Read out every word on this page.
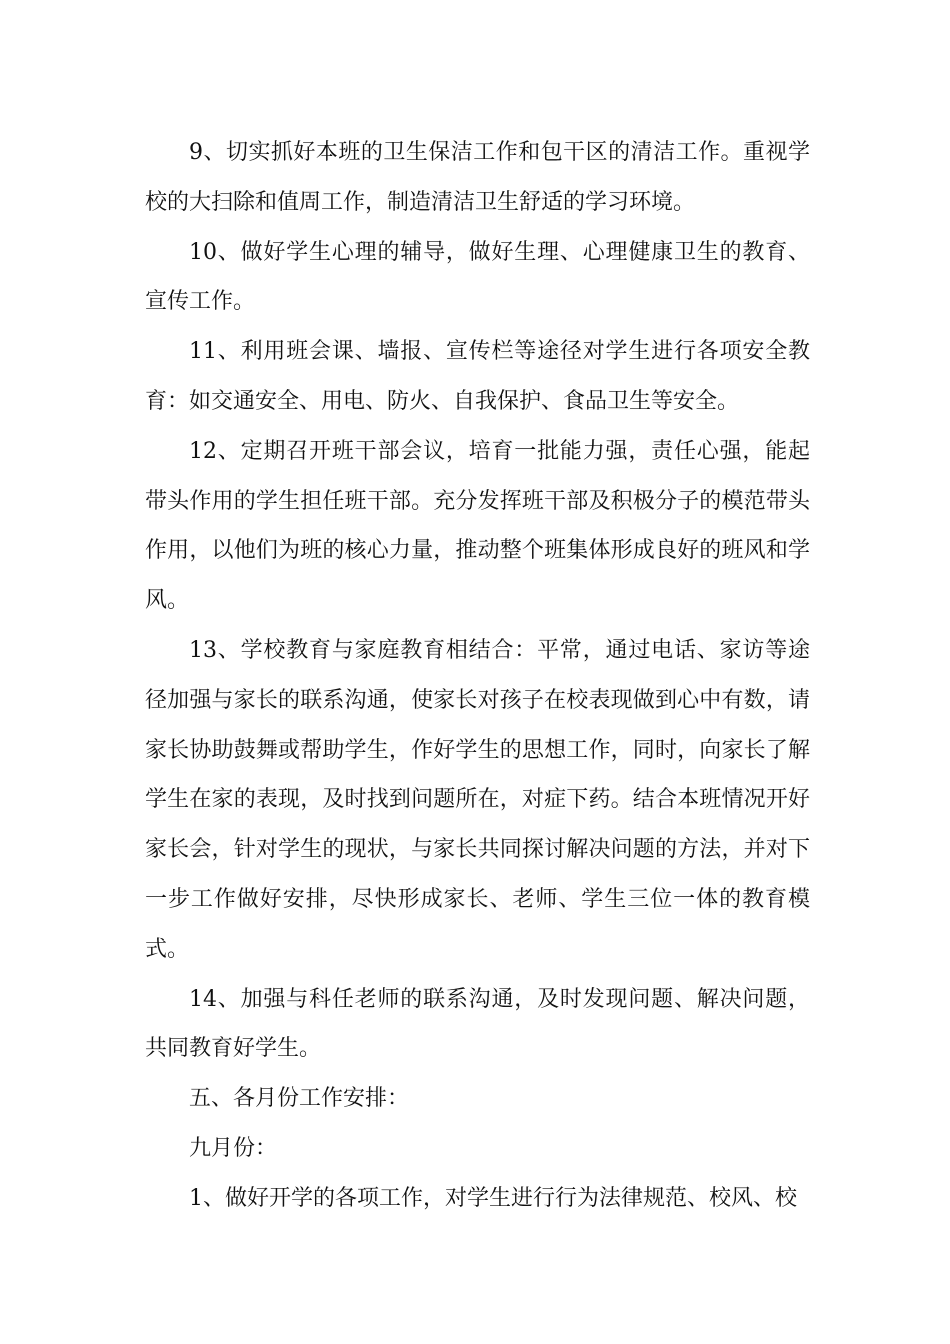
9、切实抓好本班的卫生保洁工作和包干区的清洁工作。重视学校的大扫除和值周工作，制造清洁卫生舒适的学习环境。

10、做好学生心理的辅导，做好生理、心理健康卫生的教育、宣传工作。

11、利用班会课、墙报、宣传栏等途径对学生进行各项安全教育：如交通安全、用电、防火、自我保护、食品卫生等安全。

12、定期召开班干部会议，培育一批能力强，责任心强，能起带头作用的学生担任班干部。充分发挥班干部及积极分子的模范带头作用，以他们为班的核心力量，推动整个班集体形成良好的班风和学风。

13、学校教育与家庭教育相结合：平常，通过电话、家访等途径加强与家长的联系沟通，使家长对孩子在校表现做到心中有数，请家长协助鼓舞或帮助学生，作好学生的思想工作，同时，向家长了解学生在家的表现，及时找到问题所在，对症下药。结合本班情况开好家长会，针对学生的现状，与家长共同探讨解决问题的方法，并对下一步工作做好安排，尽快形成家长、老师、学生三位一体的教育模式。

14、加强与科任老师的联系沟通，及时发现问题、解决问题，共同教育好学生。

五、各月份工作安排：

九月份：

1、做好开学的各项工作，对学生进行行为法律规范、校风、校
